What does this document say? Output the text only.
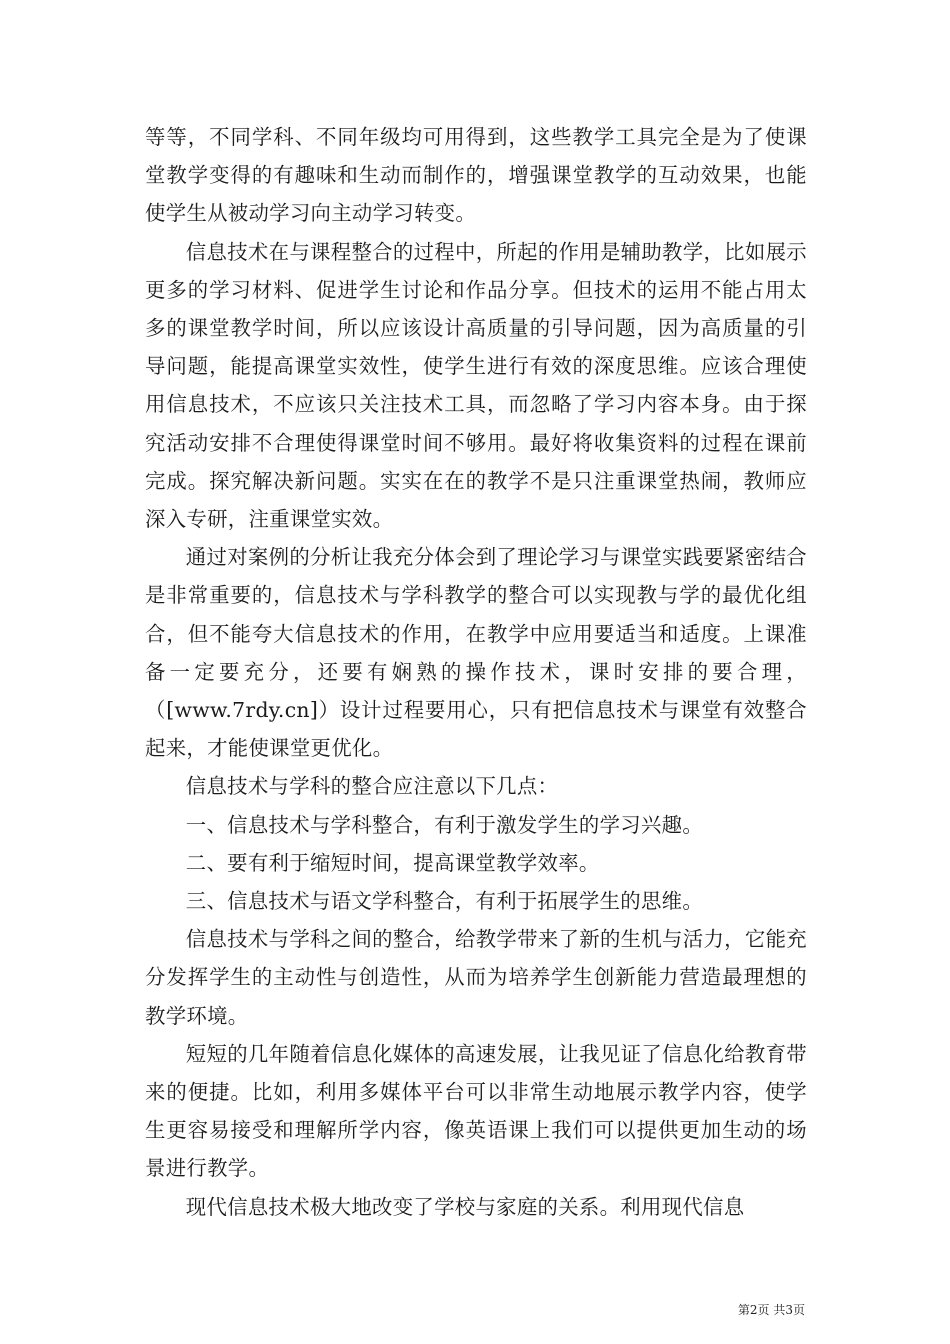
等等，不同学科、不同年级均可用得到，这些教学工具完全是为了使课堂教学变得的有趣味和生动而制作的，增强课堂教学的互动效果，也能使学生从被动学习向主动学习转变。

信息技术在与课程整合的过程中，所起的作用是辅助教学，比如展示更多的学习材料、促进学生讨论和作品分享。但技术的运用不能占用太多的课堂教学时间，所以应该设计高质量的引导问题，因为高质量的引导问题，能提高课堂实效性，使学生进行有效的深度思维。应该合理使用信息技术，不应该只关注技术工具，而忽略了学习内容本身。由于探究活动安排不合理使得课堂时间不够用。最好将收集资料的过程在课前完成。探究解决新问题。实实在在的教学不是只注重课堂热闹，教师应深入专研，注重课堂实效。

通过对案例的分析让我充分体会到了理论学习与课堂实践要紧密结合是非常重要的，信息技术与学科教学的整合可以实现教与学的最优化组合，但不能夸大信息技术的作用，在教学中应用要适当和适度。上课准备一定要充分，还要有娴熟的操作技术，课时安排的要合理，（[www.7rdy.cn]）设计过程要用心，只有把信息技术与课堂有效整合起来，才能使课堂更优化。

信息技术与学科的整合应注意以下几点：

一、信息技术与学科整合，有利于激发学生的学习兴趣。

二、要有利于缩短时间，提高课堂教学效率。

三、信息技术与语文学科整合，有利于拓展学生的思维。

信息技术与学科之间的整合，给教学带来了新的生机与活力，它能充分发挥学生的主动性与创造性，从而为培养学生创新能力营造最理想的教学环境。

短短的几年随着信息化媒体的高速发展，让我见证了信息化给教育带来的便捷。比如，利用多媒体平台可以非常生动地展示教学内容，使学生更容易接受和理解所学内容，像英语课上我们可以提供更加生动的场景进行教学。

现代信息技术极大地改变了学校与家庭的关系。利用现代信息

第2页 共3页
